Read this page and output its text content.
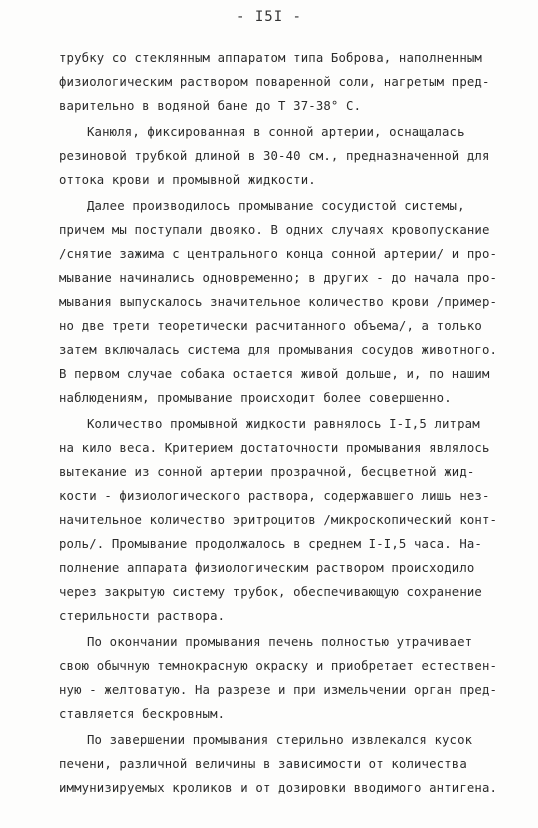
- I5I -
трубку со стеклянным аппаратом типа Боброва, наполненным
физиологическим раствором поваренной соли, нагретым пред-
варительно в водяной бане до Т 37-38° С.
Канюля, фиксированная в сонной артерии, оснащалась
резиновой трубкой длиной в 30-40 см., предназначенной для
оттока крови и промывной жидкости.
Далее производилось промывание сосудистой системы,
причем мы поступали двояко. В одних случаях кровопускание
/снятие зажима с центрального конца сонной артерии/ и про-
мывание начинались одновременно; в других - до начала про-
мывания выпускалось значительное количество крови /пример-
но две трети теоретически расчитанного объема/, а только
затем включалась система для промывания сосудов животного.
В первом случае собака остается живой дольше, и, по нашим
наблюдениям, промывание происходит более совершенно.
Количество промывной жидкости равнялось I-I,5 литрам
на кило веса. Критерием достаточности промывания являлось
вытекание из сонной артерии прозрачной, бесцветной жид-
кости - физиологического раствора, содержавшего лишь нез-
начительное количество эритроцитов /микроскопический конт-
роль/. Промывание продолжалось в среднем I-I,5 часа. На-
полнение аппарата физиологическим раствором происходило
через закрытую систему трубок, обеспечивающую сохранение
стерильности раствора.
По окончании промывания печень полностью утрачивает
свою обычную темнокрасную окраску и приобретает естествен-
ную - желтоватую. На разрезе и при измельчении орган пред-
ставляется бескровным.
По завершении промывания стерильно извлекался кусок
печени, различной величины в зависимости от количества
иммунизируемых кроликов и от дозировки вводимого антигена.
